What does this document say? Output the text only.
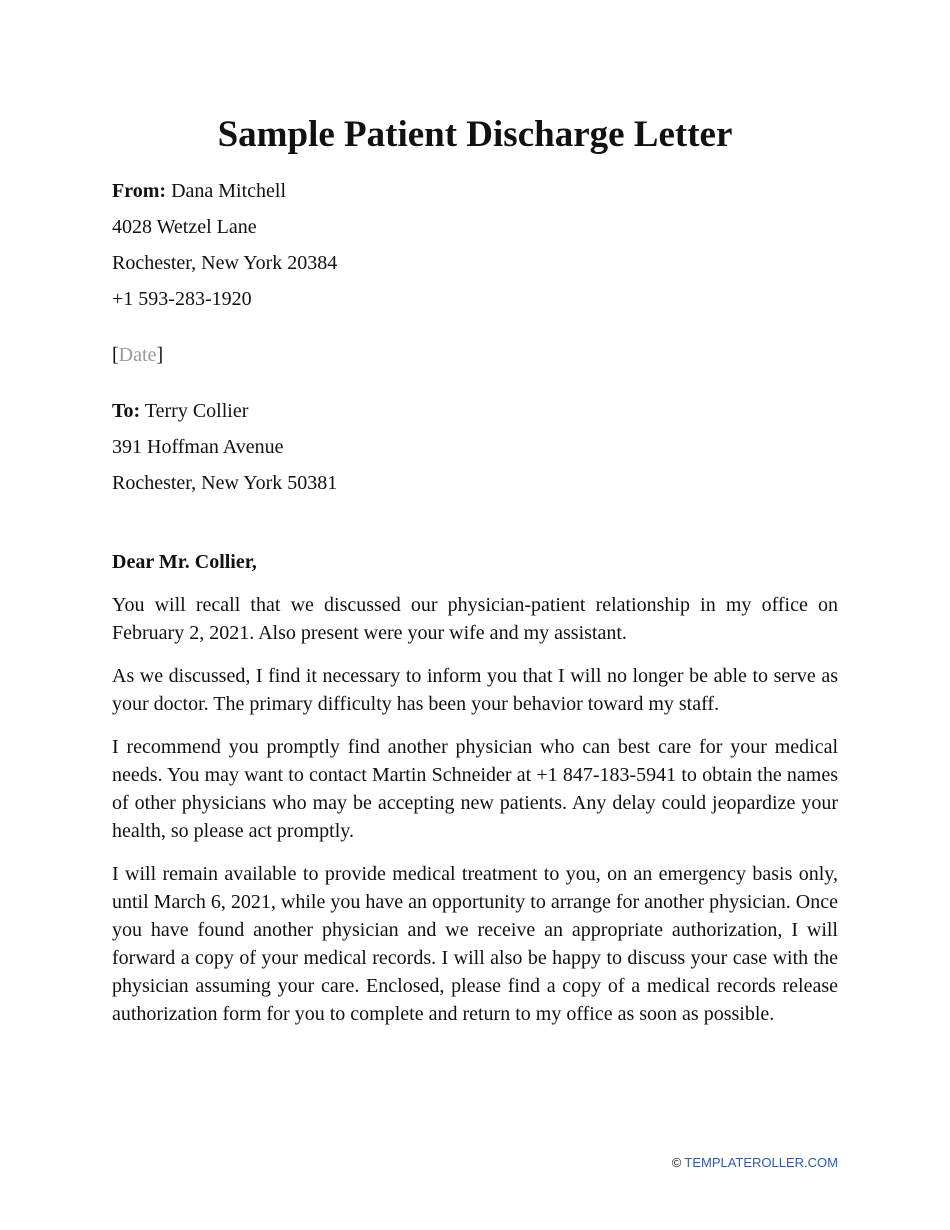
Sample Patient Discharge Letter

From: Dana Mitchell

4028 Wetzel Lane

Rochester, New York 20384

+1 593-283-1920

[Date]

To: Terry Collier

391 Hoffman Avenue

Rochester, New York 50381

Dear Mr. Collier,

You will recall that we discussed our physician-patient relationship in my office on February 2, 2021. Also present were your wife and my assistant.

As we discussed, I find it necessary to inform you that I will no longer be able to serve as your doctor. The primary difficulty has been your behavior toward my staff.

I recommend you promptly find another physician who can best care for your medical needs. You may want to contact Martin Schneider at +1 847-183-5941 to obtain the names of other physicians who may be accepting new patients. Any delay could jeopardize your health, so please act promptly.

I will remain available to provide medical treatment to you, on an emergency basis only, until March 6, 2021, while you have an opportunity to arrange for another physician. Once you have found another physician and we receive an appropriate authorization, I will forward a copy of your medical records. I will also be happy to discuss your case with the physician assuming your care. Enclosed, please find a copy of a medical records release authorization form for you to complete and return to my office as soon as possible.

© TEMPLATEROLLER.COM
